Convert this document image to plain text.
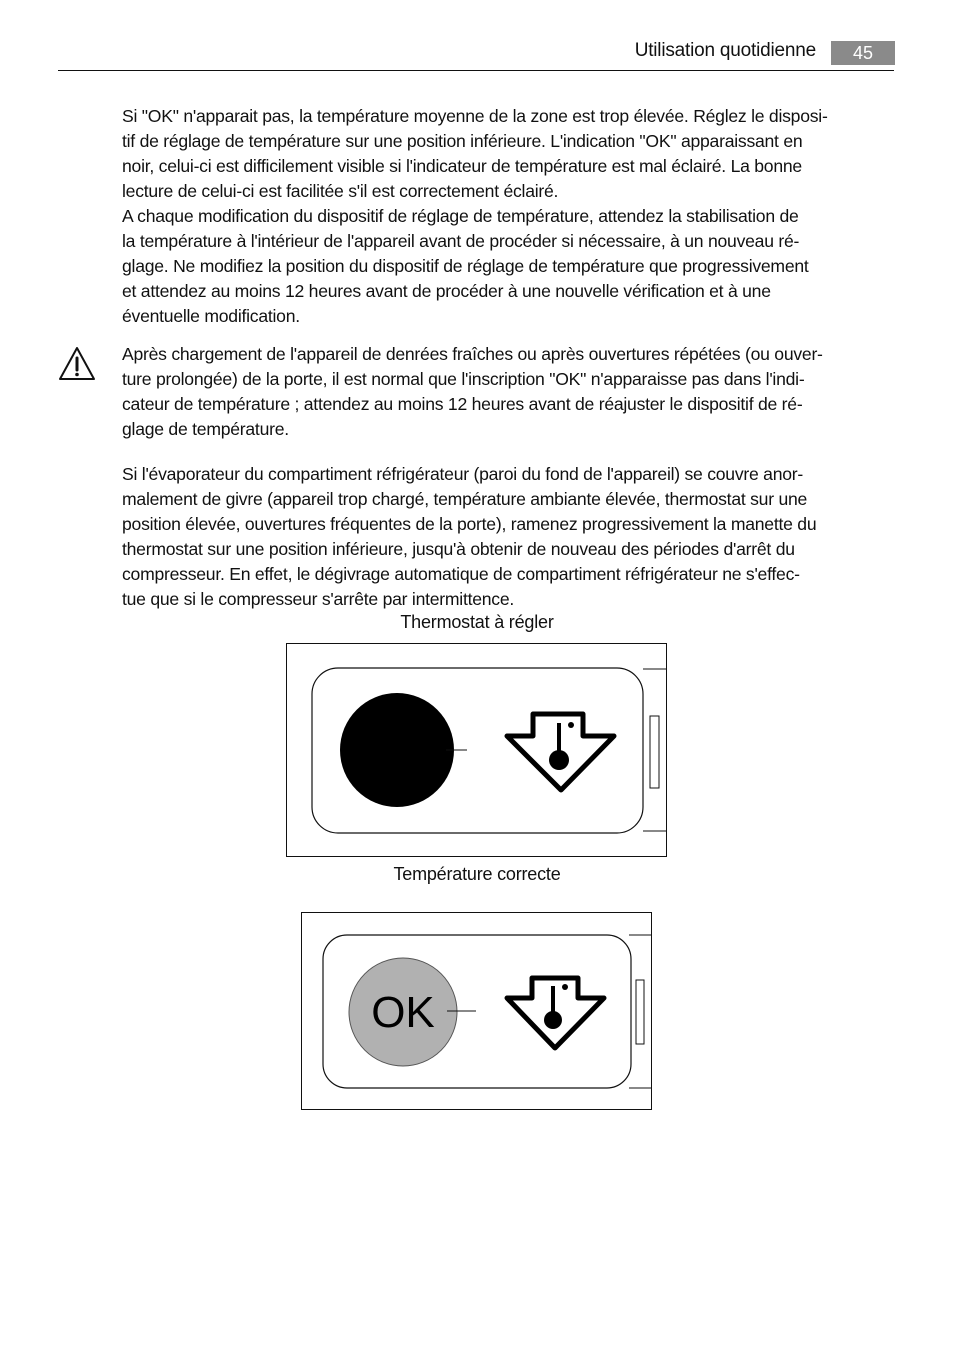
Utilisation quotidienne	45

Si "OK" n'apparait pas, la température moyenne de la zone est trop élevée. Réglez le disposi-
tif de réglage de température sur une position inférieure. L'indication "OK" apparaissant en
noir, celui-ci est difficilement visible si l'indicateur de température est mal éclairé. La bonne
lecture de celui-ci est facilitée s'il est correctement éclairé.
A chaque modification du dispositif de réglage de température, attendez la stabilisation de
la température à l'intérieur de l'appareil avant de procéder si nécessaire, à un nouveau ré-
glage. Ne modifiez la position du dispositif de réglage de température que progressivement
et attendez au moins 12 heures avant de procéder à une nouvelle vérification et à une
éventuelle modification.

Après chargement de l'appareil de denrées fraîches ou après ouvertures répétées (ou ouver-
ture prolongée) de la porte, il est normal que l'inscription "OK" n'apparaisse pas dans l'indi-
cateur de température ; attendez au moins 12 heures avant de réajuster le dispositif de ré-
glage de température.

Si l'évaporateur du compartiment réfrigérateur (paroi du fond de l'appareil) se couvre anor-
malement de givre (appareil trop chargé, température ambiante élevée, thermostat sur une
position élevée, ouvertures fréquentes de la porte), ramenez progressivement la manette du
thermostat sur une position inférieure, jusqu'à obtenir de nouveau des périodes d'arrêt du
compresseur. En effet, le dégivrage automatique de compartiment réfrigérateur ne s'effec-
tue que si le compresseur s'arrête par intermittence.

Thermostat à régler
Température correcte
OK
